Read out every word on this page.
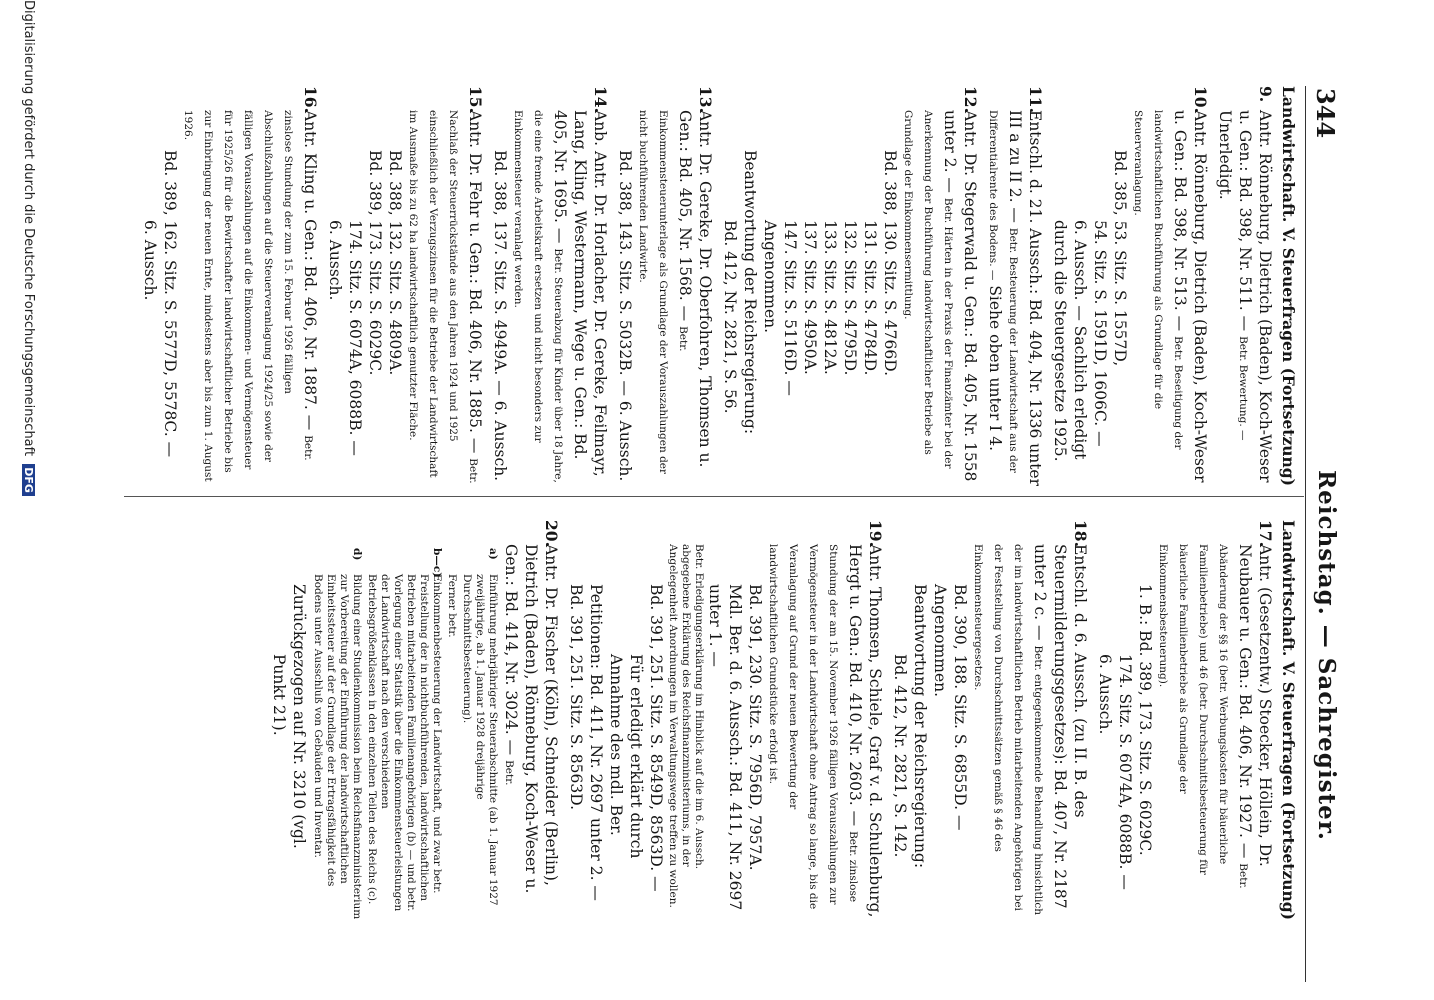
344
Reichstag. — Sachregister.
Landwirtschaft. V. Steuerfragen (Fortsetzung)
9.
Antr. Rönneburg, Dietrich (Baden), Koch-Weser u. Gen.: Bd. 398, Nr. 511. — Betr. Bewertung. —
Unerledigt.
10.
Antr. Rönneburg, Dietrich (Baden), Koch-Weser u. Gen.: Bd. 398, Nr. 513. — Betr. Beseitigung der landwirtschaftlichen Buchführung als Grundlage für die Steuerveranlagung.
Bd. 385, 53. Sitz. S. 1557D,
54. Sitz. S. 1591D, 1606C. —
6. Aussch. — Sachlich erledigt
durch die Steuergesetze 1925.
11.
Entschl. d. 21. Aussch.: Bd. 404, Nr. 1336 unter III a zu II 2. — Betr. Besteuerung der Landwirtschaft aus der Differentialrente des Bodens. — Siehe oben unter I 4.
12.
Antr. Dr. Stegerwald u. Gen.: Bd. 405, Nr. 1558 unter 2. — Betr. Härten in der Praxis der Finanzämter bei der Anerkennung der Buchführung landwirtschaftlicher Betriebe als Grundlage der Einkommensermittlung.
Bd. 388, 130. Sitz. S. 4766D.
131. Sitz. S. 4784D.
132. Sitz. S. 4795D.
133. Sitz. S. 4812A.
137. Sitz. S. 4950A.
147. Sitz. S. 5116D. — Angenommen.
Beantwortung der Reichsregierung:
Bd. 412, Nr. 2821, S. 56.
13.
Antr. Dr. Gereke, Dr. Oberfohren, Thomsen u. Gen.: Bd. 405, Nr. 1568. — Betr. Einkommensteuerunterlage als Grundlage der Vorauszahlungen der nicht buchführenden Landwirte.
Bd. 388, 143. Sitz. S. 5032B. — 6. Aussch.
14.
Anb. Antr. Dr. Horlacher, Dr. Gereke, Feilmayr, Lang, Kling, Westermann, Wege u. Gen.: Bd. 405, Nr. 1695. — Betr. Steuerabzug für Kinder über 18 Jahre, die eine fremde Arbeitskraft ersetzen und nicht besonders zur Einkommensteuer veranlagt werden.
Bd. 388, 137. Sitz. S. 4949A. — 6. Aussch.
15.
Antr. Dr. Fehr u. Gen.: Bd. 406, Nr. 1885. — Betr. Nachlaß der Steuerrückstände aus den Jahren 1924 und 1925 einschließlich der Verzugszinsen für die Betriebe der Landwirtschaft im Ausmaße bis zu 62 ha landwirtschaftlich genutzter Fläche.
Bd. 388, 132. Sitz. S. 4809A.
Bd. 389, 173. Sitz. S. 6029C.
174. Sitz. S. 6074A, 6088B. —
6. Aussch.
16.
Antr. Kling u. Gen.: Bd. 406, Nr. 1887. — Betr. zinslose Stundung der zum 15. Februar 1926 fälligen Abschlußzahlungen auf die Steuerveranlagung 1924/25 sowie der fälligen Vorauszahlungen auf die Einkommen- und Vermögensteuer für 1925/26 für die Bewirtschafter landwirtschaftlicher Betriebe bis zur Einbringung der neuen Ernte, mindestens aber bis zum 1. August 1926.
Bd. 389, 162. Sitz. S. 5577D, 5578C. —
6. Aussch.
Landwirtschaft. V. Steuerfragen (Fortsetzung)
17.
Antr. (Gesetzentw.) Stoecker, Höllein, Dr. Neubauer u. Gen.: Bd. 406, Nr. 1927. — Betr. Abänderung der §§ 16 (betr. Werbungskosten für bäuerliche Familienbetriebe) und 46 (betr. Durchschnittsbesteuerung für bäuerliche Familienbetriebe als Grundlage der Einkommensbesteuerung).
1. B.: Bd. 389, 173. Sitz. S. 6029C.
174. Sitz. S. 6074A, 6088B. —
6. Aussch.
18.
Entschl. d. 6. Aussch. (zu II. B. des Steuermilderungsgesetzes): Bd. 407, Nr. 2187 unter 2 c. — Betr. entgegenkommende Behandlung hinsichtlich der im landwirtschaftlichen Betrieb mitarbeitenden Angehörigen bei der Feststellung von Durchschnittssätzen gemäß § 46 des Einkommensteuergesetzes.
Bd. 390, 188. Sitz. S. 6855D. — Angenommen.
Beantwortung der Reichsregierung:
Bd. 412, Nr. 2821, S. 142.
19.
Antr. Thomsen, Schiele, Graf v. d. Schulenburg, Hergt u. Gen.: Bd. 410, Nr. 2603. — Betr. zinslose Stundung der am 15. November 1926 fälligen Vorauszahlungen zur Vermögensteuer in der Landwirtschaft ohne Antrag so lange, bis die Veranlagung auf Grund der neuen Bewertung der landwirtschaftlichen Grundstücke erfolgt ist.
Bd. 391, 230. Sitz. S. 7956D, 7957A.
Mdl. Ber. d. 6. Aussch.: Bd. 411, Nr. 2697 unter 1. —
Betr. Erledigungserklärung im Hinblick auf die im 6. Aussch. abgegebene Erklärung des Reichsfinanzministeriums, in der Angelegenheit Anordnungen im Verwaltungswege treffen zu wollen.
Bd. 391, 251. Sitz. S. 8549D, 8563D. —
Für erledigt erklärt durch Annahme des mdl. Ber.
Petitionen: Bd. 411, Nr. 2697 unter 2. —
Bd. 391, 251. Sitz. S. 8563D.
20.
Antr. Dr. Fischer (Köln), Schneider (Berlin), Dietrich (Baden), Rönneburg, Koch-Weser u. Gen.: Bd. 414, Nr. 3024. — Betr.
a)
Einführung mehrjähriger Steuerabschnitte (ab 1. Januar 1927 zweijährige, ab 1. Januar 1928 dreijährige Durchschnittsbesteuerung).
Ferner betr.
b—c)
Einkommenbesteuerung der Landwirtschaft, und zwar betr. Freistellung der in nichtbuchführenden, landwirtschaftlichen Betrieben mitarbeitenden Familienangehörigen (b) — und betr. Vorlegung einer Statistik über die Einkommensteuerleistungen der Landwirtschaft nach den verschiedenen Betriebsgrößenklassen in den einzelnen Teilen des Reichs (c).
d)
Bildung einer Studienkommission beim Reichsfinanzministerium zur Vorbereitung der Einführung der landwirtschaftlichen Einheitssteuer auf der Grundlage der Ertragsfähigkeit des Bodens unter Ausschluß von Gebäuden und Inventar.
Zurückgezogen auf Nr. 3210 (vgl.
Punkt 21).
Digitalisierung gefördert durch die Deutsche Forschungsgemeinschaft DFG
